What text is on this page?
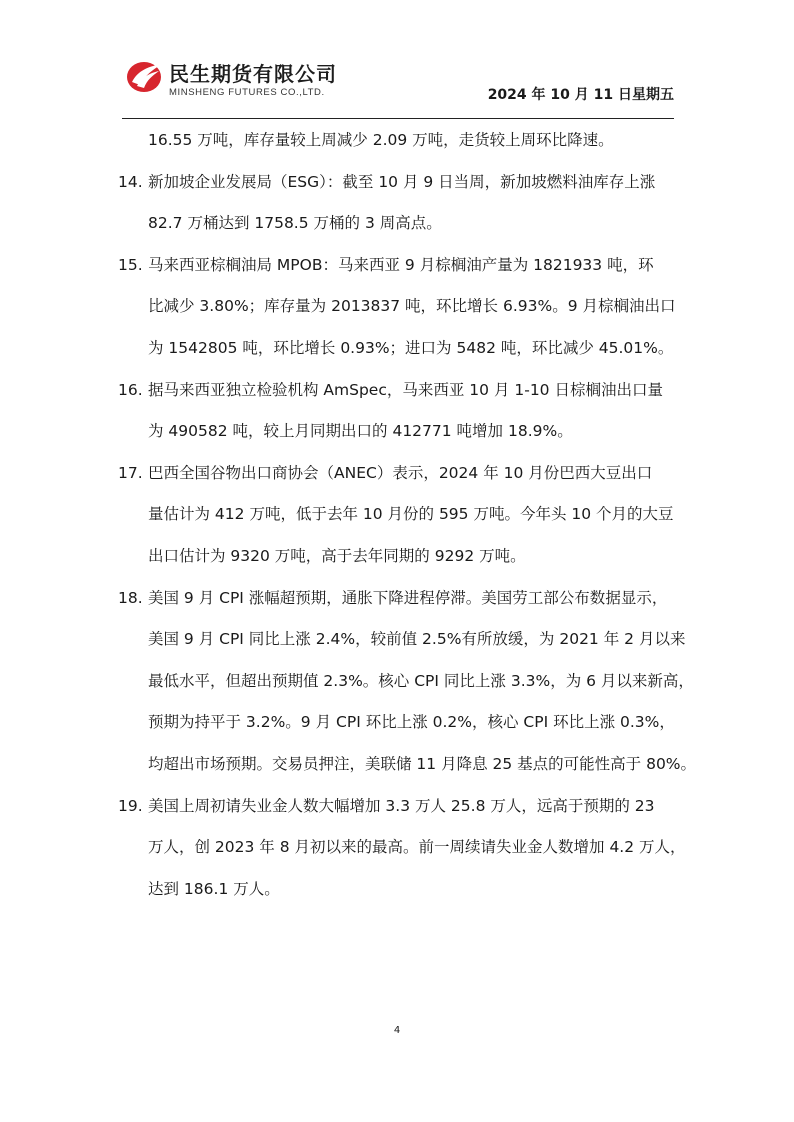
民生期货有限公司
MINSHENG FUTURES CO.,LTD.	2024 年 10 月 11 日星期五
16.55 万吨，库存量较上周减少 2.09 万吨，走货较上周环比降速。
14. 新加坡企业发展局（ESG）：截至 10 月 9 日当周，新加坡燃料油库存上涨
82.7 万桶达到 1758.5 万桶的 3 周高点。
15. 马来西亚棕榈油局 MPOB：马来西亚 9 月棕榈油产量为 1821933 吨，环
比减少 3.80%；库存量为 2013837 吨，环比增长 6.93%。9 月棕榈油出口
为 1542805 吨，环比增长 0.93%；进口为 5482 吨，环比减少 45.01%。
16. 据马来西亚独立检验机构 AmSpec，马来西亚 10 月 1-10 日棕榈油出口量
为 490582 吨，较上月同期出口的 412771 吨增加 18.9%。
17. 巴西全国谷物出口商协会（ANEC）表示，2024 年 10 月份巴西大豆出口
量估计为 412 万吨，低于去年 10 月份的 595 万吨。今年头 10 个月的大豆
出口估计为 9320 万吨，高于去年同期的 9292 万吨。
18. 美国 9 月 CPI 涨幅超预期，通胀下降进程停滞。美国劳工部公布数据显示，
美国 9 月 CPI 同比上涨 2.4%，较前值 2.5%有所放缓，为 2021 年 2 月以来
最低水平，但超出预期值 2.3%。核心 CPI 同比上涨 3.3%，为 6 月以来新高，
预期为持平于 3.2%。9 月 CPI 环比上涨 0.2%，核心 CPI 环比上涨 0.3%，
均超出市场预期。交易员押注，美联储 11 月降息 25 基点的可能性高于 80%。
19. 美国上周初请失业金人数大幅增加 3.3 万人 25.8 万人，远高于预期的 23
万人，创 2023 年 8 月初以来的最高。前一周续请失业金人数增加 4.2 万人，
达到 186.1 万人。
4
